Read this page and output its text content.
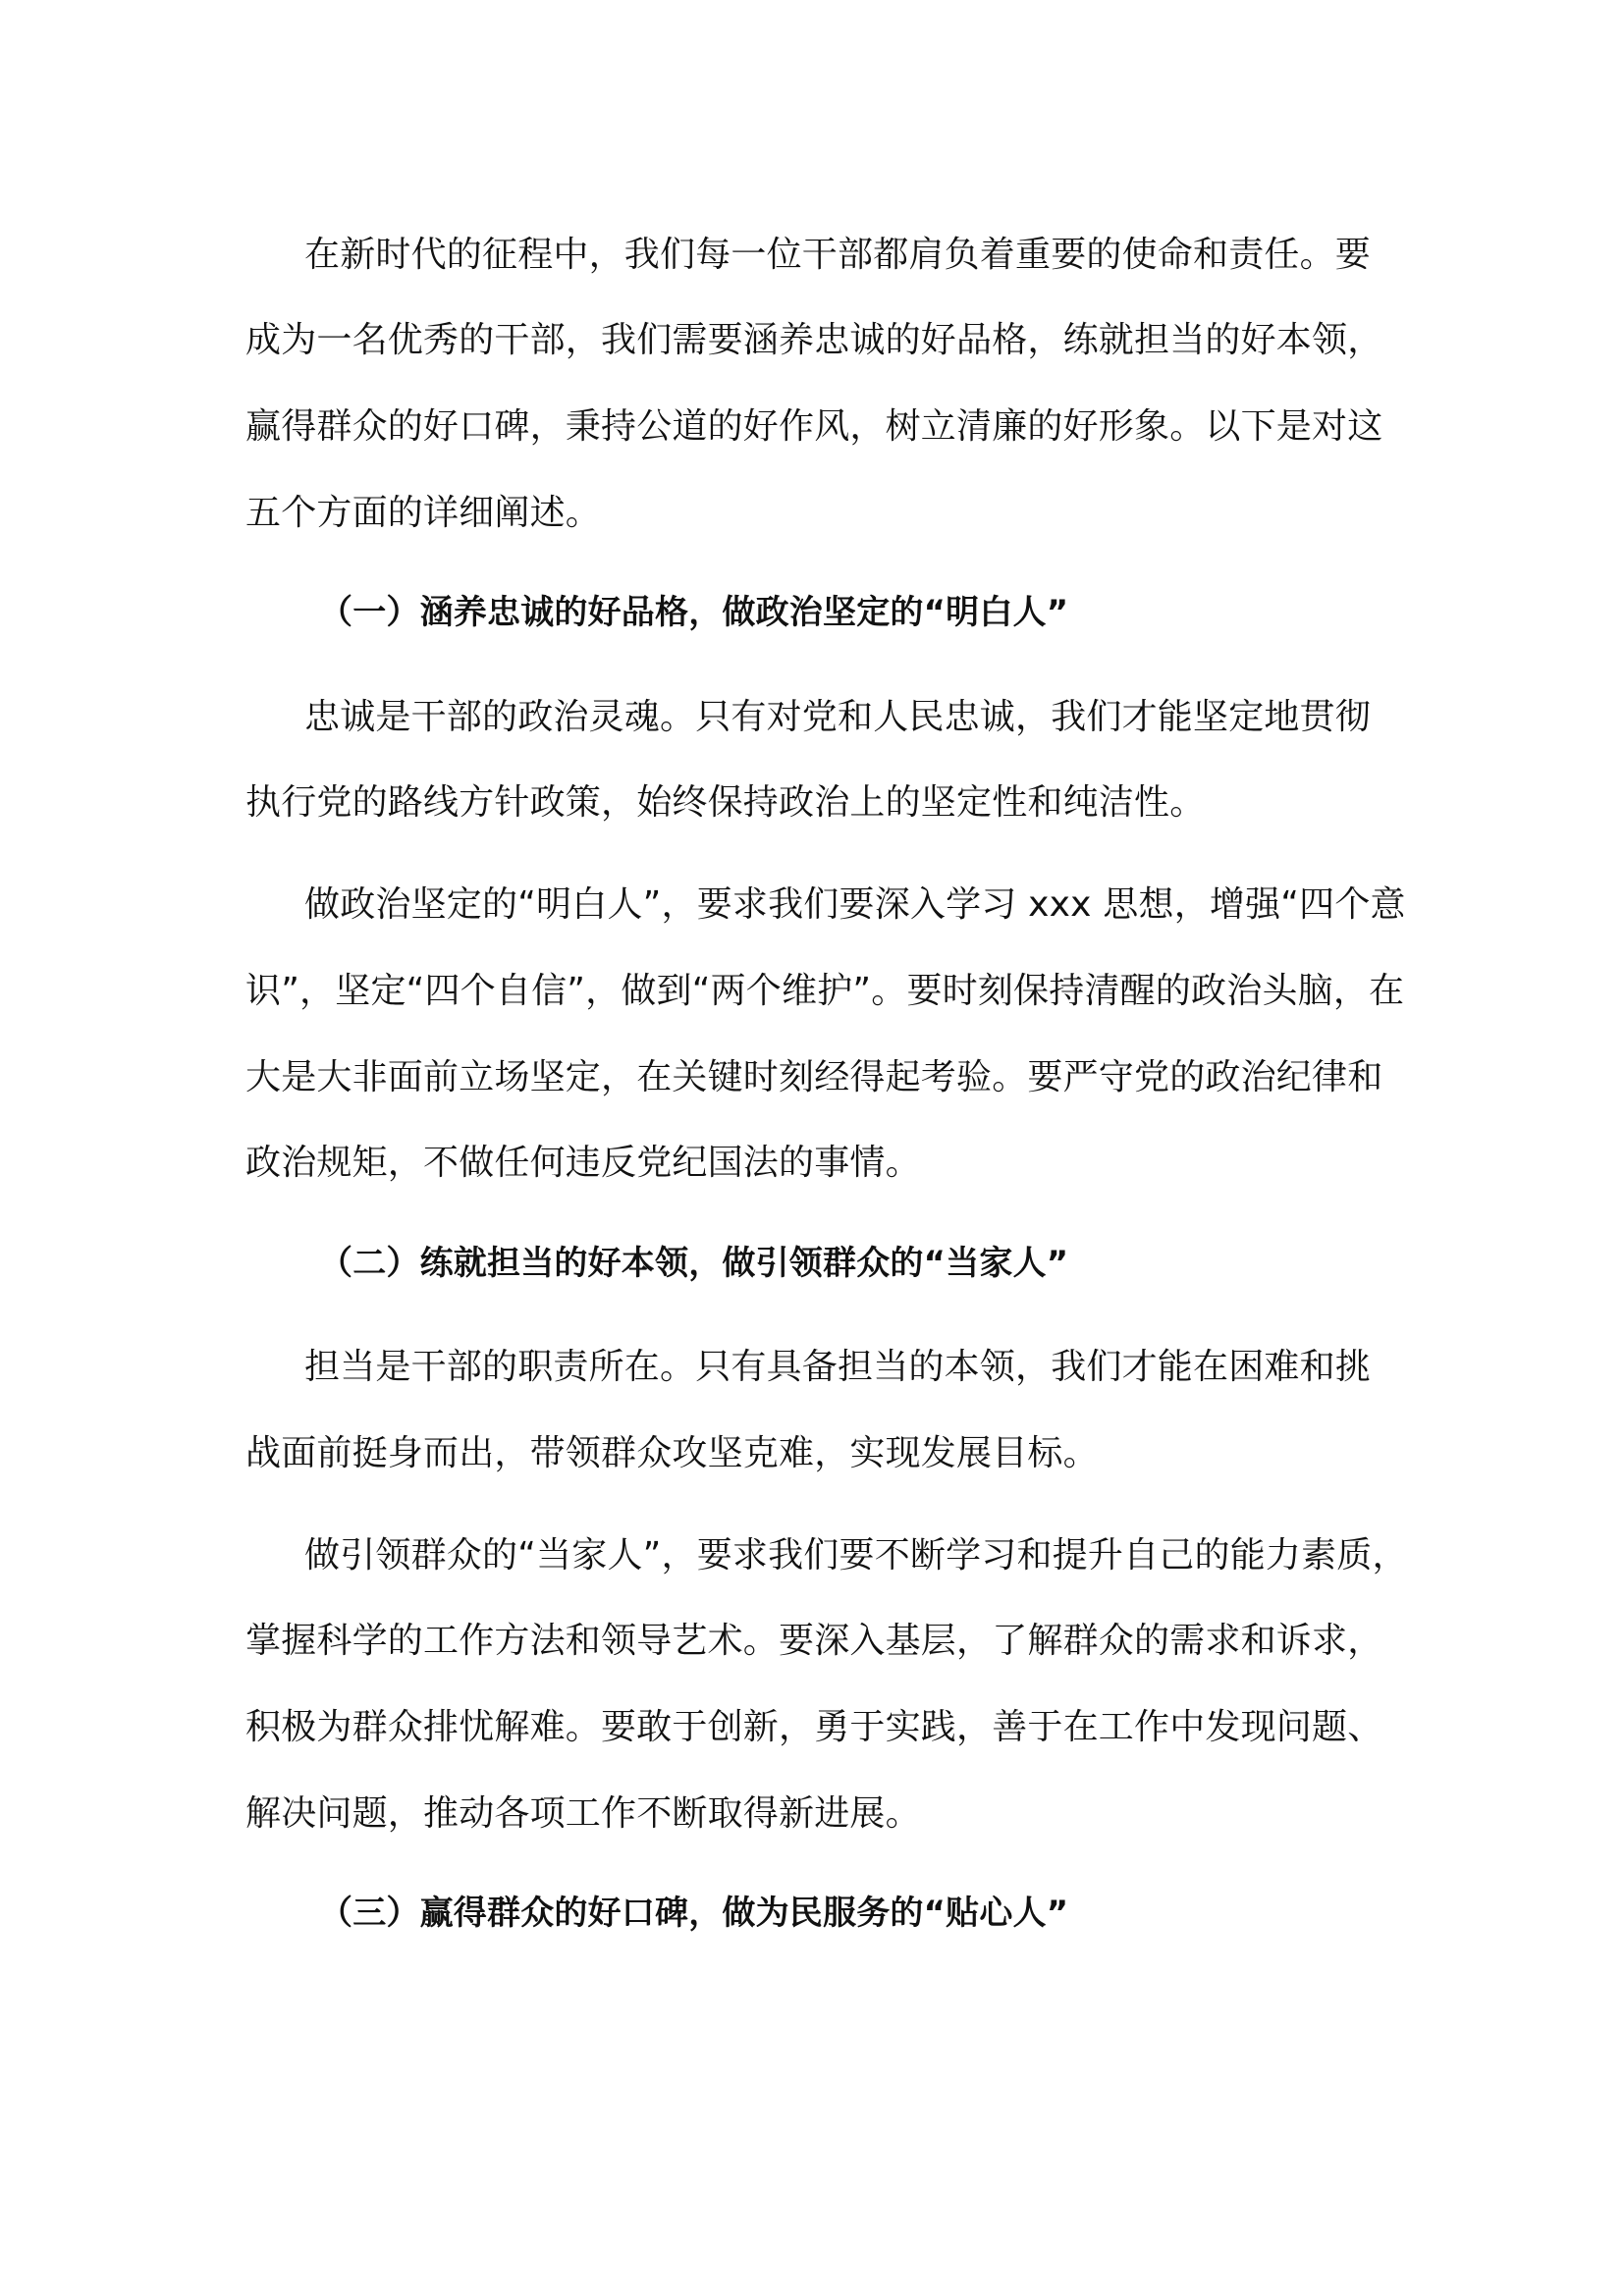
在新时代的征程中，我们每一位干部都肩负着重要的使命和责任。要
成为一名优秀的干部，我们需要涵养忠诚的好品格，练就担当的好本领，
赢得群众的好口碑，秉持公道的好作风，树立清廉的好形象。以下是对这
五个方面的详细阐述。
（一）涵养忠诚的好品格，做政治坚定的“明白人”
忠诚是干部的政治灵魂。只有对党和人民忠诚，我们才能坚定地贯彻
执行党的路线方针政策，始终保持政治上的坚定性和纯洁性。
做政治坚定的“明白人”，要求我们要深入学习 xxx 思想，增强“四个意
识”，坚定“四个自信”，做到“两个维护”。要时刻保持清醒的政治头脑，在
大是大非面前立场坚定，在关键时刻经得起考验。要严守党的政治纪律和
政治规矩，不做任何违反党纪国法的事情。
（二）练就担当的好本领，做引领群众的“当家人”
担当是干部的职责所在。只有具备担当的本领，我们才能在困难和挑
战面前挺身而出，带领群众攻坚克难，实现发展目标。
做引领群众的“当家人”，要求我们要不断学习和提升自己的能力素质，
掌握科学的工作方法和领导艺术。要深入基层，了解群众的需求和诉求，
积极为群众排忧解难。要敢于创新，勇于实践，善于在工作中发现问题、
解决问题，推动各项工作不断取得新进展。
（三）赢得群众的好口碑，做为民服务的“贴心人”
